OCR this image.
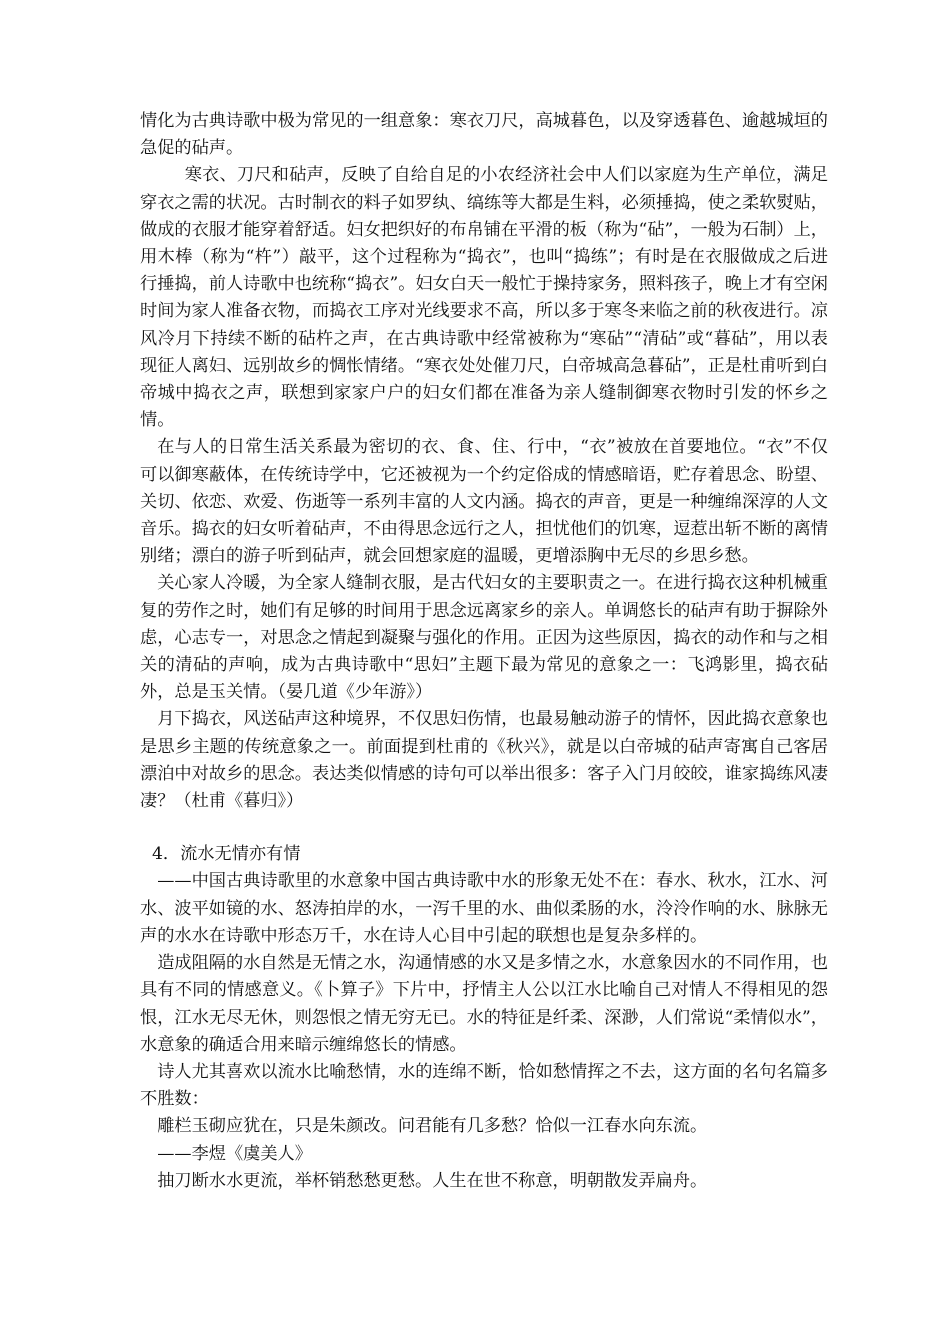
情化为古典诗歌中极为常见的一组意象：寒衣刀尺，高城暮色，以及穿透暮色、逾越城垣的急促的砧声。

寒衣、刀尺和砧声，反映了自给自足的小农经济社会中人们以家庭为生产单位，满足穿衣之需的状况。古时制衣的料子如罗纨、缟练等大都是生料，必须捶捣，使之柔软熨贴，做成的衣服才能穿着舒适。妇女把织好的布帛铺在平滑的板（称为“砧”，一般为石制）上，用木棒（称为“杵”）敲平，这个过程称为“捣衣”，也叫“捣练”；有时是在衣服做成之后进行捶捣，前人诗歌中也统称“捣衣”。妇女白天一般忙于操持家务，照料孩子，晚上才有空闲时间为家人准备衣物，而捣衣工序对光线要求不高，所以多于寒冬来临之前的秋夜进行。凉风冷月下持续不断的砧杵之声，在古典诗歌中经常被称为“寒砧”“清砧”或“暮砧”，用以表现征人离妇、远别故乡的惆怅情绪。“寒衣处处催刀尺，白帝城高急暮砧”，正是杜甫听到白帝城中捣衣之声，联想到家家户户的妇女们都在准备为亲人缝制御寒衣物时引发的怀乡之情。

在与人的日常生活关系最为密切的衣、食、住、行中，“衣”被放在首要地位。“衣”不仅可以御寒蔽体，在传统诗学中，它还被视为一个约定俗成的情感暗语，贮存着思念、盼望、关切、依恋、欢爱、伤逝等一系列丰富的人文内涵。捣衣的声音，更是一种缠绵深淳的人文音乐。捣衣的妇女听着砧声，不由得思念远行之人，担忧他们的饥寒，逗惹出斩不断的离情别绪；漂白的游子听到砧声，就会回想家庭的温暖，更增添胸中无尽的乡思乡愁。

关心家人冷暖，为全家人缝制衣服，是古代妇女的主要职责之一。在进行捣衣这种机械重复的劳作之时，她们有足够的时间用于思念远离家乡的亲人。单调悠长的砧声有助于摒除外虑，心志专一，对思念之情起到凝聚与强化的作用。正因为这些原因，捣衣的动作和与之相关的清砧的声响，成为古典诗歌中“思妇”主题下最为常见的意象之一：飞鸿影里，捣衣砧外，总是玉关情。（晏几道《少年游》）

月下捣衣，风送砧声这种境界，不仅思妇伤情，也最易触动游子的情怀，因此捣衣意象也是思乡主题的传统意象之一。前面提到杜甫的《秋兴》，就是以白帝城的砧声寄寓自己客居漂泊中对故乡的思念。表达类似情感的诗句可以举出很多：客子入门月皎皎，谁家捣练风凄凄？（杜甫《暮归》）

4．流水无情亦有情

——中国古典诗歌里的水意象中国古典诗歌中水的形象无处不在：春水、秋水，江水、河水、波平如镜的水、怒涛拍岸的水，一泻千里的水、曲似柔肠的水，泠泠作响的水、脉脉无声的水水在诗歌中形态万千，水在诗人心目中引起的联想也是复杂多样的。

造成阻隔的水自然是无情之水，沟通情感的水又是多情之水，水意象因水的不同作用，也具有不同的情感意义。《卜算子》下片中，抒情主人公以江水比喻自己对情人不得相见的怨恨，江水无尽无休，则怨恨之情无穷无已。水的特征是纤柔、深渺，人们常说“柔情似水”，水意象的确适合用来暗示缠绵悠长的情感。

诗人尤其喜欢以流水比喻愁情，水的连绵不断，恰如愁情挥之不去，这方面的名句名篇多不胜数：

雕栏玉砌应犹在，只是朱颜改。问君能有几多愁？恰似一江春水向东流。

——李煜《虞美人》

抽刀断水水更流，举杯销愁愁更愁。人生在世不称意，明朝散发弄扁舟。
